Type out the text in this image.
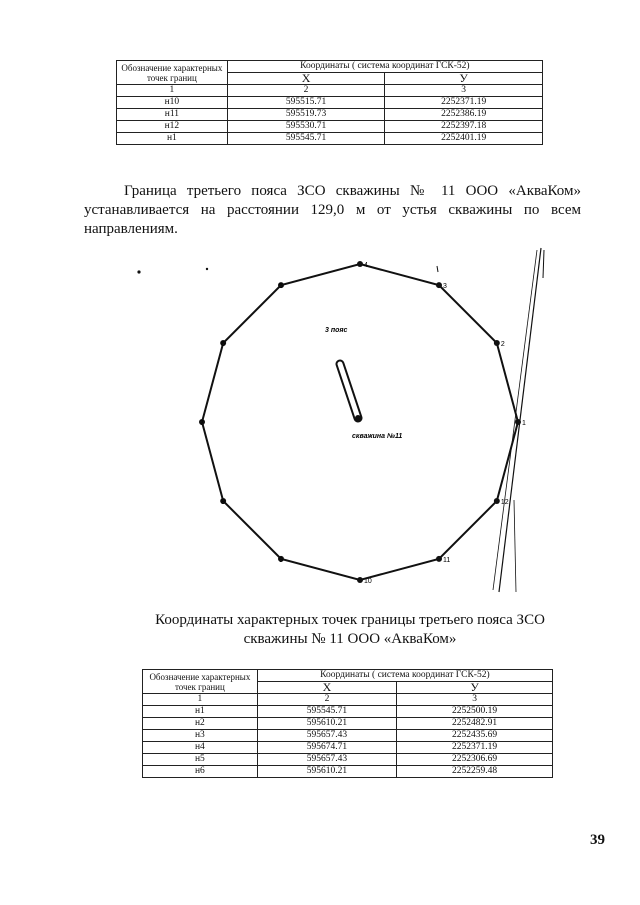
Обозначение характерных точек границ	Координаты ( система координат ГСК-52)	
	X	У
1	2	3
н10	595515.71	2252371.19
н11	595519.73	2252386.19
н12	595530.71	2252397.18
н1	595545.71	2252401.19
Граница третьего пояса ЗСО скважины № 11 ООО «АкваКом»
устанавливается на расстоянии 129,0 м от устья скважины по всем
направлениям.
4
3
2
1
12
11
10
9
8
7
6
5
3 пояс
скважина №11
Координаты характерных точек границы третьего пояса ЗСО
скважины № 11 ООО «АкваКом»
Обозначение характерных точек границ	Координаты ( система координат ГСК-52)	
	X	У
1	2	3
н1	595545.71	2252500.19
н2	595610.21	2252482.91
н3	595657.43	2252435.69
н4	595674.71	2252371.19
н5	595657.43	2252306.69
н6	595610.21	2252259.48
39
